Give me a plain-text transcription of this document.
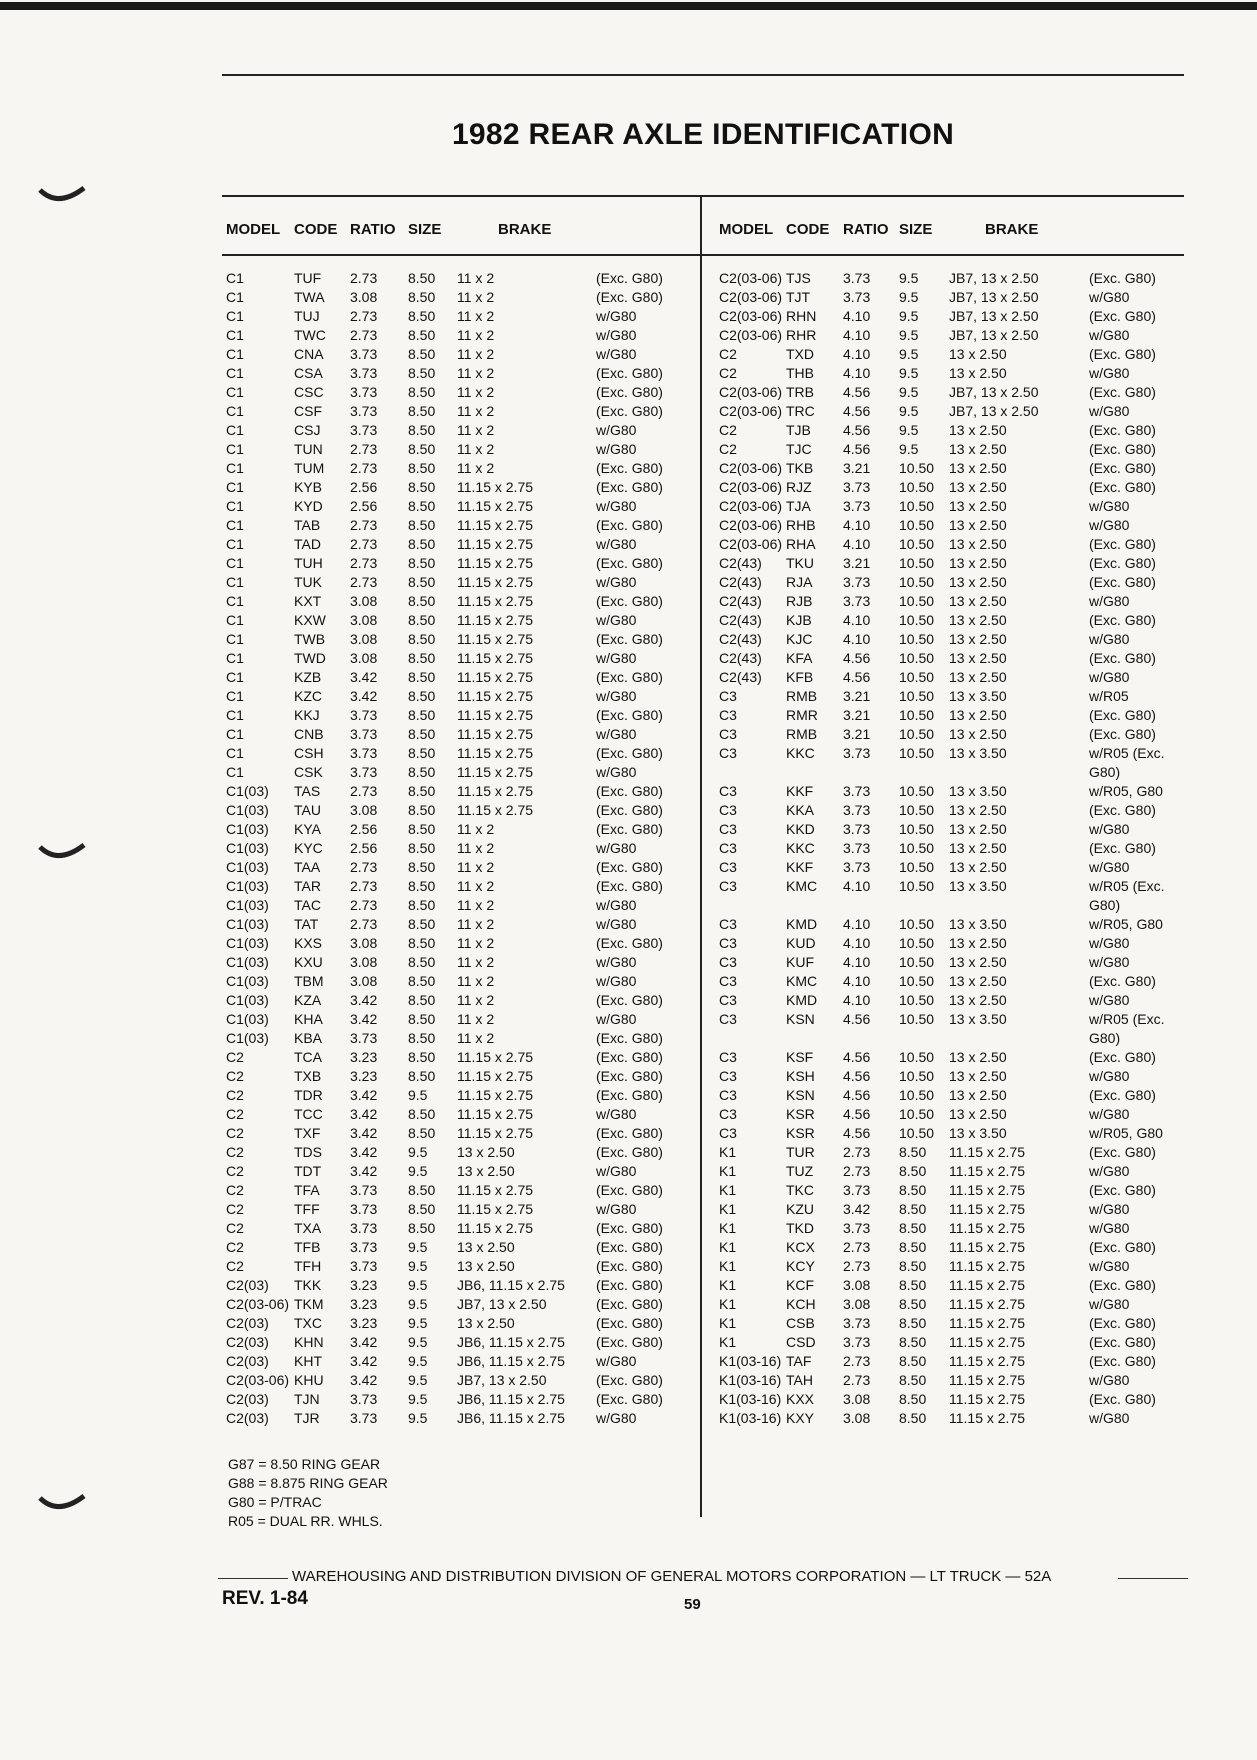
1982 REAR AXLE IDENTIFICATION
MODEL CODE RATIO SIZE	BRAKE
C1	TUF 2.73 8.50 11 x 2	(Exc. G80)
C1	TWA 3.08 8.50 11 x 2	(Exc. G80)
C1	TUJ 2.73 8.50 11 x 2	w/G80
C1	TWC 2.73 8.50 11 x 2	w/G80
C1	CNA 3.73 8.50 11 x 2	w/G80
C1	CSA 3.73 8.50 11 x 2	(Exc. G80)
C1	CSC 3.73 8.50 11 x 2	(Exc. G80)
C1	CSF 3.73 8.50 11 x 2	(Exc. G80)
C1	CSJ 3.73 8.50 11 x 2	w/G80
C1	TUN 2.73 8.50 11 x 2	w/G80
C1	TUM 2.73 8.50 11 x 2	(Exc. G80)
C1	KYB 2.56 8.50 11.15 x 2.75	(Exc. G80)
C1	KYD 2.56 8.50 11.15 x 2.75	w/G80
C1	TAB 2.73 8.50 11.15 x 2.75	(Exc. G80)
C1	TAD 2.73 8.50 11.15 x 2.75	w/G80
C1	TUH 2.73 8.50 11.15 x 2.75	(Exc. G80)
C1	TUK 2.73 8.50 11.15 x 2.75	w/G80
C1	KXT 3.08 8.50 11.15 x 2.75	(Exc. G80)
C1	KXW 3.08 8.50 11.15 x 2.75	w/G80
C1	TWB 3.08 8.50 11.15 x 2.75	(Exc. G80)
C1	TWD 3.08 8.50 11.15 x 2.75	w/G80
C1	KZB 3.42 8.50 11.15 x 2.75	(Exc. G80)
C1	KZC 3.42 8.50 11.15 x 2.75	w/G80
C1	KKJ 3.73 8.50 11.15 x 2.75	(Exc. G80)
C1	CNB 3.73 8.50 11.15 x 2.75	w/G80
C1	CSH 3.73 8.50 11.15 x 2.75	(Exc. G80)
C1	CSK 3.73 8.50 11.15 x 2.75	w/G80
C1(03) TAS 2.73 8.50 11.15 x 2.75	(Exc. G80)
C1(03) TAU 3.08 8.50 11.15 x 2.75	(Exc. G80)
C1(03) KYA 2.56 8.50 11 x 2	(Exc. G80)
C1(03) KYC 2.56 8.50 11 x 2	w/G80
C1(03) TAA 2.73 8.50 11 x 2	(Exc. G80)
C1(03) TAR 2.73 8.50 11 x 2	(Exc. G80)
C1(03) TAC 2.73 8.50 11 x 2	w/G80
C1(03) TAT 2.73 8.50 11 x 2	w/G80
C1(03) KXS 3.08 8.50 11 x 2	(Exc. G80)
C1(03) KXU 3.08 8.50 11 x 2	w/G80
C1(03) TBM 3.08 8.50 11 x 2	w/G80
C1(03) KZA 3.42 8.50 11 x 2	(Exc. G80)
C1(03) KHA 3.42 8.50 11 x 2	w/G80
C1(03) KBA 3.73 8.50 11 x 2	(Exc. G80)
C2	TCA 3.23 8.50 11.15 x 2.75	(Exc. G80)
C2	TXB 3.23 8.50 11.15 x 2.75	(Exc. G80)
C2	TDR 3.42 9.5 11.15 x 2.75	(Exc. G80)
C2	TCC 3.42 8.50 11.15 x 2.75	w/G80
C2	TXF 3.42 8.50 11.15 x 2.75	(Exc. G80)
C2	TDS 3.42 9.5 13 x 2.50	(Exc. G80)
C2	TDT 3.42 9.5 13 x 2.50	w/G80
C2	TFA 3.73 8.50 11.15 x 2.75	(Exc. G80)
C2	TFF 3.73 8.50 11.15 x 2.75	w/G80
C2	TXA 3.73 8.50 11.15 x 2.75	(Exc. G80)
C2	TFB 3.73 9.5 13 x 2.50	(Exc. G80)
C2	TFH 3.73 9.5 13 x 2.50	(Exc. G80)
C2(03) TKK 3.23 9.5 JB6, 11.15 x 2.75 (Exc. G80)
C2(03-06) TKM 3.23 9.5 JB7, 13 x 2.50	(Exc. G80)
C2(03) TXC 3.23 9.5 13 x 2.50	(Exc. G80)
C2(03) KHN 3.42 9.5 JB6, 11.15 x 2.75 (Exc. G80)
C2(03) KHT 3.42 9.5 JB6, 11.15 x 2.75 w/G80
C2(03-06) KHU 3.42 9.5 JB7, 13 x 2.50	(Exc. G80)
C2(03) TJN 3.73 9.5 JB6, 11.15 x 2.75 (Exc. G80)
C2(03) TJR 3.73 9.5 JB6, 11.15 x 2.75 w/G80
MODEL CODE RATIO SIZE	BRAKE
C2(03-06) TJS 3.73 9.5 JB7, 13 x 2.50	(Exc. G80)
C2(03-06) TJT 3.73 9.5 JB7, 13 x 2.50	w/G80
C2(03-06) RHN 4.10 9.5 JB7, 13 x 2.50	(Exc. G80)
C2(03-06) RHR 4.10 9.5 JB7, 13 x 2.50	w/G80
C2	TXD 4.10 9.5 13 x 2.50	(Exc. G80)
C2	THB 4.10 9.5 13 x 2.50	w/G80
C2(03-06) TRB 4.56 9.5 JB7, 13 x 2.50	(Exc. G80)
C2(03-06) TRC 4.56 9.5 JB7, 13 x 2.50	w/G80
C2	TJB 4.56 9.5 13 x 2.50	(Exc. G80)
C2	TJC 4.56 9.5 13 x 2.50	(Exc. G80)
C2(03-06) TKB 3.21 10.50 13 x 2.50	(Exc. G80)
C2(03-06) RJZ 3.73 10.50 13 x 2.50	(Exc. G80)
C2(03-06) TJA 3.73 10.50 13 x 2.50	w/G80
C2(03-06) RHB 4.10 10.50 13 x 2.50	w/G80
C2(03-06) RHA 4.10 10.50 13 x 2.50	(Exc. G80)
C2(43) TKU 3.21 10.50 13 x 2.50	(Exc. G80)
C2(43) RJA 3.73 10.50 13 x 2.50	(Exc. G80)
C2(43) RJB 3.73 10.50 13 x 2.50	w/G80
C2(43) KJB 4.10 10.50 13 x 2.50	(Exc. G80)
C2(43) KJC 4.10 10.50 13 x 2.50	w/G80
C2(43) KFA 4.56 10.50 13 x 2.50	(Exc. G80)
C2(43) KFB 4.56 10.50 13 x 2.50	w/G80
C3	RMB 3.21 10.50 13 x 3.50	w/R05
C3	RMR 3.21 10.50 13 x 2.50	(Exc. G80)
C3	RMB 3.21 10.50 13 x 2.50	(Exc. G80)
C3	KKC 3.73 10.50 13 x 3.50	w/R05 (Exc.
G80)
C3	KKF 3.73 10.50 13 x 3.50	w/R05, G80
C3	KKA 3.73 10.50 13 x 2.50	(Exc. G80)
C3	KKD 3.73 10.50 13 x 2.50	w/G80
C3	KKC 3.73 10.50 13 x 2.50	(Exc. G80)
C3	KKF 3.73 10.50 13 x 2.50	w/G80
C3	KMC 4.10 10.50 13 x 3.50	w/R05 (Exc.
G80)
C3	KMD 4.10 10.50 13 x 3.50	w/R05, G80
C3	KUD 4.10 10.50 13 x 2.50	w/G80
C3	KUF 4.10 10.50 13 x 2.50	w/G80
C3	KMC 4.10 10.50 13 x 2.50	(Exc. G80)
C3	KMD 4.10 10.50 13 x 2.50	w/G80
C3	KSN 4.56 10.50 13 x 3.50	w/R05 (Exc.
G80)
C3	KSF 4.56 10.50 13 x 2.50	(Exc. G80)
C3	KSH 4.56 10.50 13 x 2.50	w/G80
C3	KSN 4.56 10.50 13 x 2.50	(Exc. G80)
C3	KSR 4.56 10.50 13 x 2.50	w/G80
C3	KSR 4.56 10.50 13 x 3.50	w/R05, G80
K1	TUR 2.73 8.50 11.15 x 2.75	(Exc. G80)
K1	TUZ 2.73 8.50 11.15 x 2.75	w/G80
K1	TKC 3.73 8.50 11.15 x 2.75	(Exc. G80)
K1	KZU 3.42 8.50 11.15 x 2.75	w/G80
K1	TKD 3.73 8.50 11.15 x 2.75	w/G80
K1	KCX 2.73 8.50 11.15 x 2.75	(Exc. G80)
K1	KCY 2.73 8.50 11.15 x 2.75	w/G80
K1	KCF 3.08 8.50 11.15 x 2.75	(Exc. G80)
K1	KCH 3.08 8.50 11.15 x 2.75	w/G80
K1	CSB 3.73 8.50 11.15 x 2.75	(Exc. G80)
K1	CSD 3.73 8.50 11.15 x 2.75	(Exc. G80)
K1(03-16) TAF 2.73 8.50 11.15 x 2.75	(Exc. G80)
K1(03-16) TAH 2.73 8.50 11.15 x 2.75	w/G80
K1(03-16) KXX 3.08 8.50 11.15 x 2.75	(Exc. G80)
K1(03-16) KXY 3.08 8.50 11.15 x 2.75	w/G80
G87 = 8.50 RING GEAR
G88 = 8.875 RING GEAR
G80 = P/TRAC
R05 = DUAL RR. WHLS.
WAREHOUSING AND DISTRIBUTION DIVISION OF GENERAL MOTORS CORPORATION — LT TRUCK — 52A
REV. 1-84	59
